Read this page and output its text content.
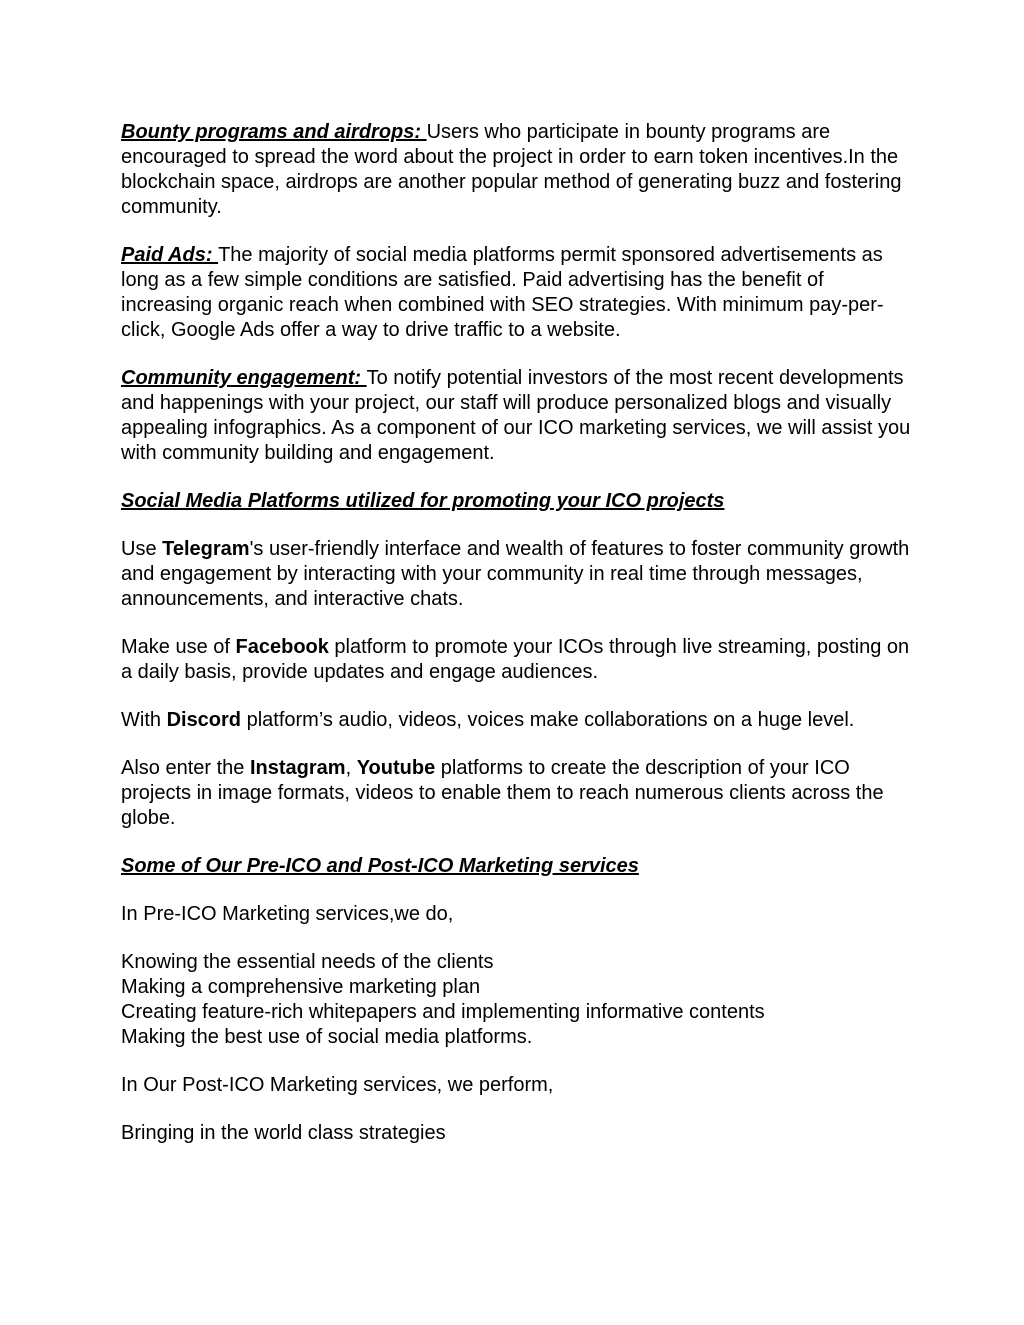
Bounty programs and airdrops: Users who participate in bounty programs are encouraged to spread the word about the project in order to earn token incentives.In the blockchain space, airdrops are another popular method of generating buzz and fostering community.

Paid Ads: The majority of social media platforms permit sponsored advertisements as long as a few simple conditions are satisfied. Paid advertising has the benefit of increasing organic reach when combined with SEO strategies. With minimum pay-per-click, Google Ads offer a way to drive traffic to a website.

Community engagement: To notify potential investors of the most recent developments and happenings with your project, our staff will produce personalized blogs and visually appealing infographics. As a component of our ICO marketing services, we will assist you with community building and engagement.

Social Media Platforms utilized for promoting your ICO projects

Use Telegram's user-friendly interface and wealth of features to foster community growth and engagement by interacting with your community in real time through messages, announcements, and interactive chats.

Make use of Facebook platform to promote your ICOs through live streaming, posting on a daily basis, provide updates and engage audiences.

With Discord platform’s audio, videos, voices make collaborations on a huge level.

Also enter the Instagram, Youtube platforms to create the description of your ICO projects in image formats, videos to enable them to reach numerous clients across the globe.

Some of Our Pre-ICO and Post-ICO Marketing services

In Pre-ICO Marketing services,we do,

Knowing the essential needs of the clients
Making a comprehensive marketing plan
Creating feature-rich whitepapers and implementing informative contents
Making the best use of social media platforms.

In Our Post-ICO Marketing services, we perform,

Bringing in the world class strategies
